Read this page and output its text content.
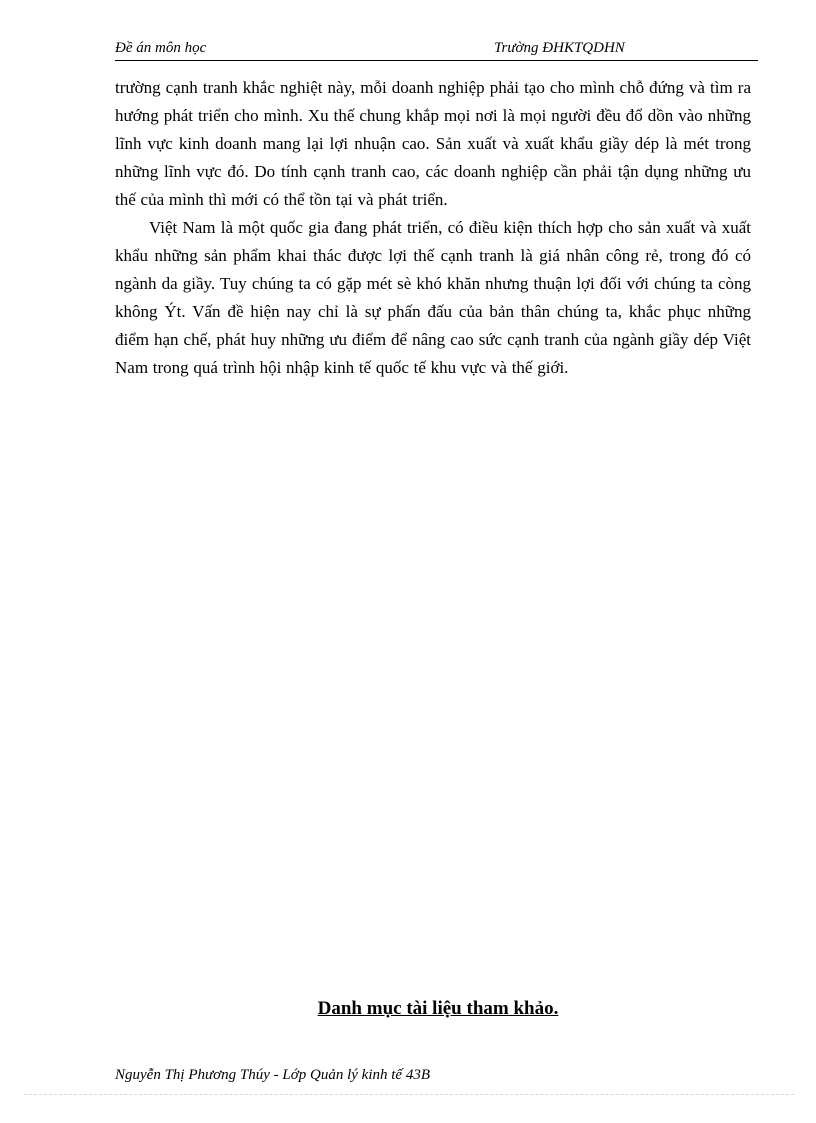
Đề án môn học	Trường ĐHKTQDHN

trường cạnh tranh khắc nghiệt này, mỗi doanh nghiệp phải tạo cho mình chỗ đứng và tìm ra hướng phát triển cho mình. Xu thế chung khắp mọi nơi là mọi người đều đổ dồn vào những lĩnh vực kinh doanh mang lại lợi nhuận cao. Sản xuất và xuất khẩu giầy dép là mét trong những lĩnh vực đó. Do tính cạnh tranh cao, các doanh nghiệp cần phải tận dụng những ưu thế của mình thì mới có thể tồn tại và phát triển.

Việt Nam là một quốc gia đang phát triển, có điều kiện thích hợp cho sản xuất và xuất khẩu những sản phẩm khai thác được lợi thế cạnh tranh là giá nhân công rẻ, trong đó có ngành da giầy. Tuy chúng ta có gặp mét sè khó khăn nhưng thuận lợi đối với chúng ta còng không Ýt. Vấn đề hiện nay chỉ là sự phấn đấu của bản thân chúng ta, khắc phục những điểm hạn chế, phát huy những ưu điểm để nâng cao sức cạnh tranh của ngành giầy dép Việt Nam trong quá trình hội nhập kinh tế quốc tế khu vực và thế giới.

Danh mục tài liệu tham khảo.
Nguyễn Thị Phương Thúy - Lớp Quản lý kinh tế 43B
